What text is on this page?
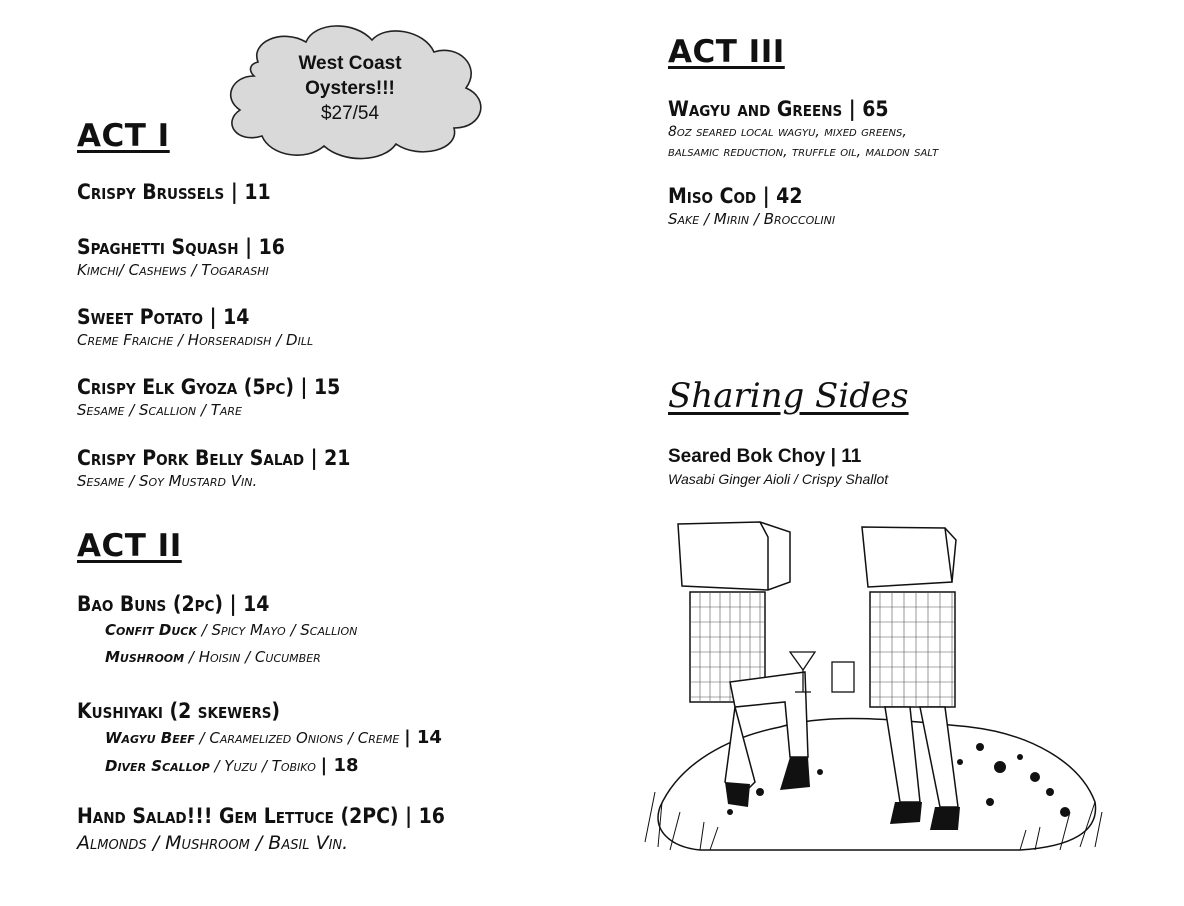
West Coast
Oysters!!!
$27/54
ACT I
Crispy Brussels | 11
Spaghetti Squash | 16
Kimchi/ Cashews / Togarashi
Sweet Potato | 14
Creme Fraiche / Horseradish / Dill
Crispy Elk Gyoza (5pc) | 15
Sesame / Scallion / Tare
Crispy Pork Belly Salad | 21
Sesame / Soy Mustard Vin.
ACT II
Bao Buns (2pc) | 14
Confit Duck / Spicy Mayo / Scallion
Mushroom / Hoisin / Cucumber
Kushiyaki (2 skewers)
Wagyu Beef / Caramelized Onions / Creme | 14
Diver Scallop / Yuzu / Tobiko | 18
Hand Salad!!! Gem Lettuce (2PC) | 16
Almonds / Mushroom / Basil Vin.
ACT III
Wagyu and Greens | 65
8oz seared local wagyu, mixed greens,
balsamic reduction, truffle oil, maldon salt
Miso Cod | 42
Sake / Mirin / Broccolini
Sharing Sides
Seared Bok Choy | 11
Wasabi Ginger Aioli / Crispy Shallot
